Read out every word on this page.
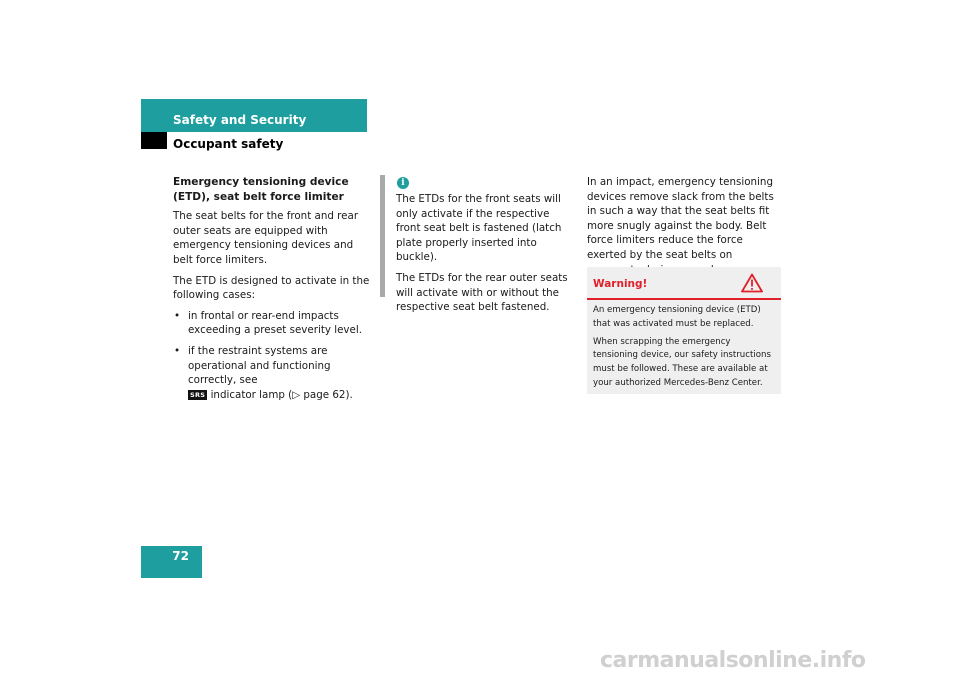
Safety and Security
Occupant safety
Emergency tensioning device (ETD), seat belt force limiter

The seat belts for the front and rear outer seats are equipped with emergency tensioning devices and belt force limiters.

The ETD is designed to activate in the following cases:

• in frontal or rear-end impacts exceeding a preset severity level.
• if the restraint systems are operational and functioning correctly, see
SRS indicator lamp (▷ page 62).
i

The ETDs for the front seats will only activate if the respective front seat belt is fastened (latch plate properly inserted into buckle).

The ETDs for the rear outer seats will activate with or without the respective seat belt fastened.

In an impact, emergency tensioning devices remove slack from the belts in such a way that the seat belts fit more snugly against the body. Belt force limiters reduce the force exerted by the seat belts on

Warning!

An emergency tensioning device (ETD) that was activated must be replaced.

When scrapping the emergency tensioning device, our safety instructions must be followed. These are available at your authorized Mercedes-Benz Center.

72
carmanualsonline.info
